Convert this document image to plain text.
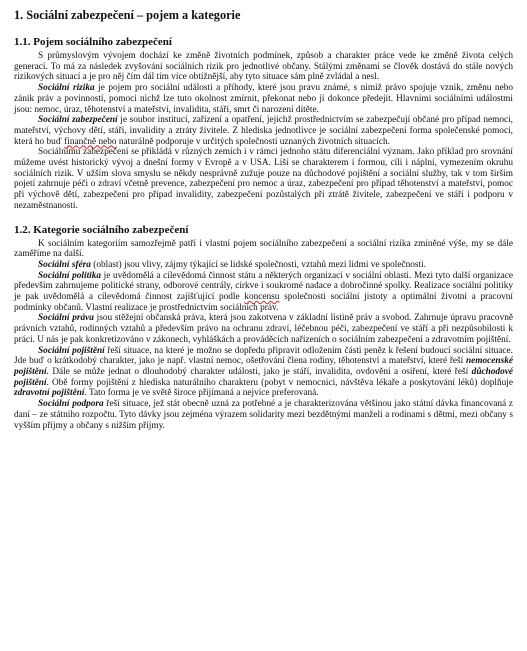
1. Sociální zabezpečení – pojem a kategorie
1.1. Pojem sociálního zabezpečení

S průmyslovým vývojem dochází ke změně životních podmínek, způsob a charakter práce vede ke změně života celých generací. To má za následek zvyšování sociálních rizik pro jednotlivé občany. Stálými změnami se člověk dostává do stále nových rizikových situací a je pro něj čím dál tím více obtížnější, aby tyto situace sám plně zvládal a nesl.

Sociální rizika je pojem pro sociální události a příhody, které jsou pravu známé, s nimiž právo spojuje vznik, změnu nebo zánik práv a povinností, pomoci nichž lze tuto okolnost zmírnit, překonat nebo jí dokonce předejít. Hlavními sociálními událostmi jsou: nemoc, úraz, těhotenství a mateřství, invalidita, stáří, smrt či narození dítěte.

Sociální zabezpečení je soubor institucí, zařízení a opatření, jejichž prostřednictvím se zabezpečují občané pro případ nemoci, mateřství, výchovy dětí, stáří, invalidity a ztráty živitele. Z hlediska jednotlivce je sociální zabezpečení forma společenské pomoci, která ho buď finančně nebo naturálně podporuje v určitých společností uznaných životních situacích.

Sociálnímu zabezpečení se přikládá v různých zemích i v rámci jednoho státu diferenciální význam. Jako příklad pro srovnání můžeme uvést historický vývoj a dnešní formy v Evropě a v USA. Liší se charakterem i formou, cíli i náplní, vymezením okruhu sociálních rizik. V užším slova smyslu se někdy nesprávně zužuje pouze na důchodové pojištění a sociální služby, tak v tom širším pojetí zahrnuje péči o zdraví včetně prevence, zabezpečení pro nemoc a úraz, zabezpečení pro případ těhotenství a mateřství, pomoc při výchově dětí, zabezpečení pro případ invalidity, zabezpečení pozůstalých při ztrátě živitele, zabezpečení ve stáří i podporu v nezaměstnanosti.

1.2. Kategorie sociálního zabezpečení

K sociálním kategoriím samozřejmě patří i vlastní pojem sociálního zabezpečení a sociální rizika zmíněné výše, my se dále zaměříme na další.

Sociální sféra (oblast) jsou vlivy, zájmy týkající se lidské společnosti, vztahů mezi lidmi ve společnosti.

Sociální politika je uvědomělá a cílevědomá činnost státu a některých organizací v sociální oblasti. Mezi tyto další organizace především zahrnujeme politické strany, odborové centrály, církve i soukromé nadace a dobročinné spolky. Realizace sociální politiky je pak uvědomělá a cílevědomá činnost zajišťující podle koncensu společnosti sociální jistoty a optimální životní a pracovní podmínky občanů. Vlastní realizace je prostřednictvím sociálních práv.

Sociální práva jsou stěžejní občanská práva, která jsou zakotvena v základní listině práv a svobod. Zahrnuje úpravu pracovně právních vztahů, rodinných vztahů a především právo na ochranu zdraví, léčebnou péči, zabezpečení ve stáří a při nezpůsobilosti k práci. U nás je pak konkretizováno v zákonech, vyhláškách a prováděcích nařízeních o sociálním zabezpečení a zdravotním pojištění.

Sociální pojištění řeší situace, na které je možno se dopředu připravit odložením části peněz k řešení budoucí sociální situace. Jde buď o krátkodobý charakter, jako je např. vlastní nemoc, ošetřování člena rodiny, těhotenství a mateřství, které řeší nemocenské pojištění. Dále se může jednat o dlouhodobý charakter události, jako je stáří, invalidita, ovdovění a osiření, které řeší důchodové pojištění. Obě formy pojištění z hlediska naturálního charakteru (pobyt v nemocnici, návštěva lékaře a poskytování léků) doplňuje zdravotní pojištění. Tato forma je ve světě široce přijímaná a nejvíce preferovaná.

Sociální podpora řeší situace, jež stát obecně uzná za potřebné a je charakterizována většinou jako státní dávka financovaná z daní – ze státního rozpočtu. Tyto dávky jsou zejména výrazem solidarity mezi bezdětnými manželi a rodinami s dětmi, mezi občany s vyšším příjmy a občany s nižším příjmy.
